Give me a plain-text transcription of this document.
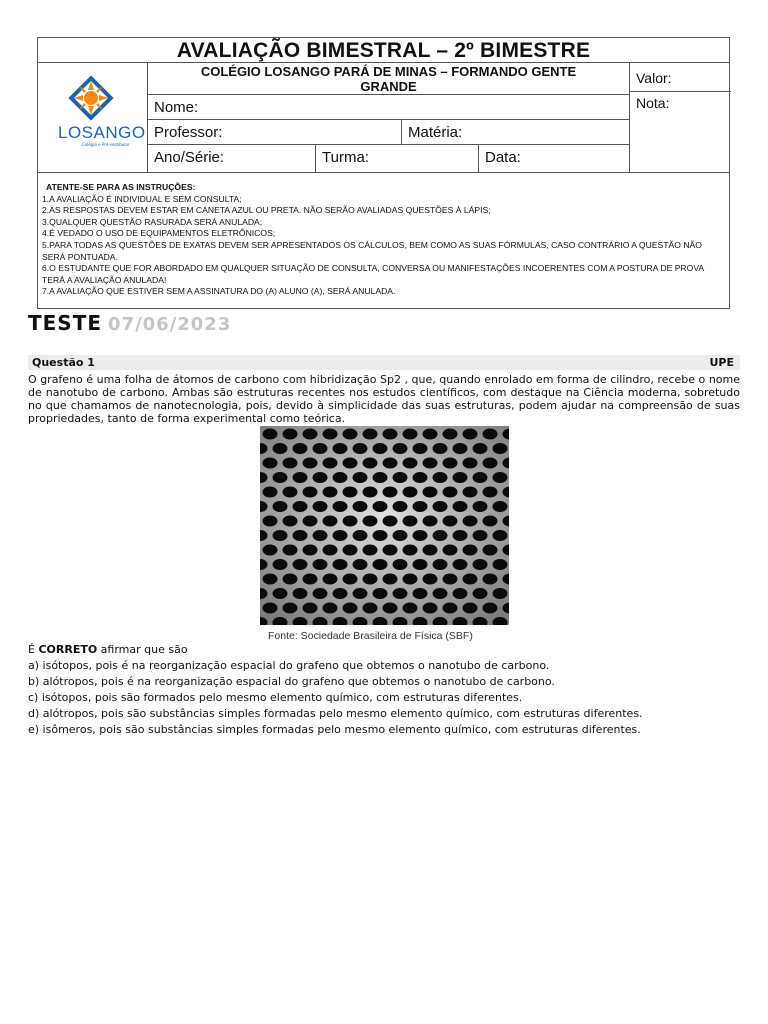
AVALIAÇÃO BIMESTRAL – 2º BIMESTRE
LOSANGO
Colégio e Pré-vestibular
COLÉGIO LOSANGO PARÁ DE MINAS – FORMANDO GENTE
GRANDE
Nome:
Professor:	Matéria:
Ano/Série:	Turma:	Data:
Valor:
Nota:
ATENTE-SE PARA AS INSTRUÇÕES:
1.A AVALIAÇÃO É INDIVIDUAL E SEM CONSULTA;
2.AS RESPOSTAS DEVEM ESTAR EM CANETA AZUL OU PRETA. NÃO SERÃO AVALIADAS QUESTÕES À LÁPIS;
3.QUALQUER QUESTÃO RASURADA SERÁ ANULADA;
4.É VEDADO O USO DE EQUIPAMENTOS ELETRÔNICOS;
5.PARA TODAS AS QUESTÕES DE EXATAS DEVEM SER APRESENTADOS OS CÁLCULOS, BEM COMO AS SUAS FÓRMULAS, CASO CONTRÁRIO A QUESTÃO NÃO SERÁ PONTUADA.
6.O ESTUDANTE QUE FOR ABORDADO EM QUALQUER SITUAÇÃO DE CONSULTA, CONVERSA OU MANIFESTAÇÕES INCOERENTES COM A POSTURA DE PROVA TERÁ A AVALIAÇÃO ANULADA!
7.A AVALIAÇÃO QUE ESTIVER SEM A ASSINATURA DO (A) ALUNO (A), SERÁ ANULADA.
TESTE 07/06/2023
Questão 1	UPE
O grafeno é uma folha de átomos de carbono com hibridização Sp2 , que, quando enrolado em forma de cilindro, recebe o nome de nanotubo de carbono. Ambas são estruturas recentes nos estudos científicos, com destaque na Ciência moderna, sobretudo no que chamamos de nanotecnologia, pois, devido à simplicidade das suas estruturas, podem ajudar na compreensão de suas propriedades, tanto de forma experimental como teórica.
Fonte: Sociedade Brasileira de Física (SBF)
É CORRETO afirmar que são
a) isótopos, pois é na reorganização espacial do grafeno que obtemos o nanotubo de carbono.
b) alótropos, pois é na reorganização espacial do grafeno que obtemos o nanotubo de carbono.
c) isótopos, pois são formados pelo mesmo elemento químico, com estruturas diferentes.
d) alótropos, pois são substâncias simples formadas pelo mesmo elemento químico, com estruturas diferentes.
e) isômeros, pois são substâncias simples formadas pelo mesmo elemento químico, com estruturas diferentes.
